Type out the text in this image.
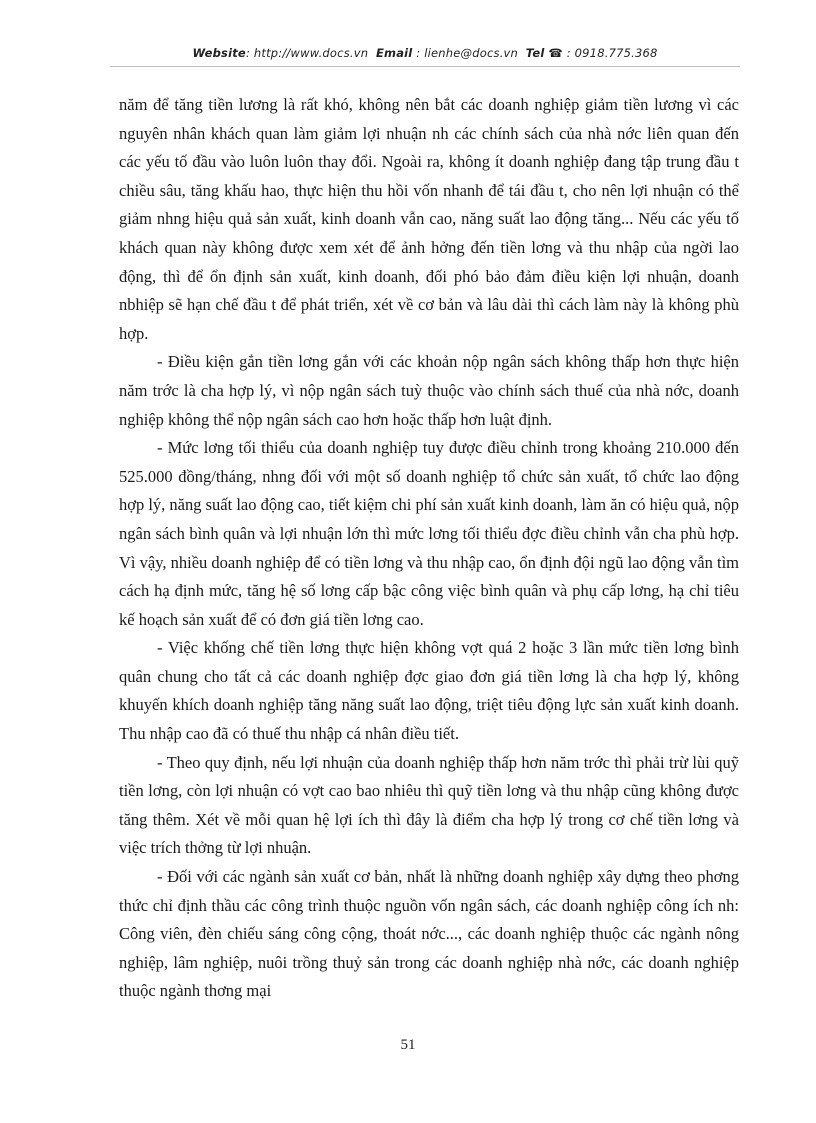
Website: http://www.docs.vn Email : lienhe@docs.vn Tel ☎ : 0918.775.368

năm để tăng tiền lương là rất khó, không nên bắt các doanh nghiệp giảm tiền lương vì các nguyên nhân khách quan làm giảm lợi nhuận nh các chính sách của nhà nớc liên quan đến các yếu tố đầu vào luôn luôn thay đổi. Ngoài ra, không ít doanh nghiệp đang tập trung đầu t chiều sâu, tăng khấu hao, thực hiện thu hồi vốn nhanh để tái đầu t, cho nên lợi nhuận có thể giảm nhng hiệu quả sản xuất, kinh doanh vẫn cao, năng suất lao động tăng... Nếu các yếu tố khách quan này không được xem xét để ảnh hởng đến tiền lơng và thu nhập của ngời lao động, thì để ổn định sản xuất, kinh doanh, đối phó bảo đảm điều kiện lợi nhuận, doanh nbhiệp sẽ hạn chế đầu t để phát triển, xét về cơ bản và lâu dài thì cách làm này là không phù hợp.

- Điều kiện gắn tiền lơng gắn với các khoản nộp ngân sách không thấp hơn thực hiện năm trớc là cha hợp lý, vì nộp ngân sách tuỳ thuộc vào chính sách thuế của nhà nớc, doanh nghiệp không thể nộp ngân sách cao hơn hoặc thấp hơn luật định.

- Mức lơng tối thiểu của doanh nghiệp tuy được điều chỉnh trong khoảng 210.000 đến 525.000 đồng/tháng, nhng đối với một số doanh nghiệp tổ chức sản xuất, tổ chức lao động hợp lý, năng suất lao động cao, tiết kiệm chi phí sản xuất kinh doanh, làm ăn có hiệu quả, nộp ngân sách bình quân và lợi nhuận lớn thì mức lơng tối thiểu đợc điều chỉnh vẫn cha phù hợp. Vì vậy, nhiều doanh nghiệp để có tiền lơng và thu nhập cao, ổn định đội ngũ lao động vẫn tìm cách hạ định mức, tăng hệ số lơng cấp bậc công việc bình quân và phụ cấp lơng, hạ chỉ tiêu kế hoạch sản xuất để có đơn giá tiền lơng cao.

- Việc khống chế tiền lơng thực hiện không vợt quá 2 hoặc 3 lần mức tiền lơng bình quân chung cho tất cả các doanh nghiệp đợc giao đơn giá tiền lơng là cha hợp lý, không khuyến khích doanh nghiệp tăng năng suất lao động, triệt tiêu động lực sản xuất kinh doanh. Thu nhập cao đã có thuế thu nhập cá nhân điều tiết.

- Theo quy định, nếu lợi nhuận của doanh nghiệp thấp hơn năm trớc thì phải trừ lùi quỹ tiền lơng, còn lợi nhuận có vợt cao bao nhiêu thì quỹ tiền lơng và thu nhập cũng không được tăng thêm. Xét về mỗi quan hệ lợi ích thì đây là điểm cha hợp lý trong cơ chế tiền lơng và việc trích thởng từ lợi nhuận.

- Đối với các ngành sản xuất cơ bản, nhất là những doanh nghiệp xây dựng theo phơng thức chỉ định thầu các công trình thuộc nguồn vốn ngân sách, các doanh nghiệp công ích nh: Công viên, đèn chiếu sáng công cộng, thoát nớc..., các doanh nghiệp thuộc các ngành nông nghiệp, lâm nghiệp, nuôi trồng thuỷ sản trong các doanh nghiệp nhà nớc, các doanh nghiệp thuộc ngành thơng mại

51
